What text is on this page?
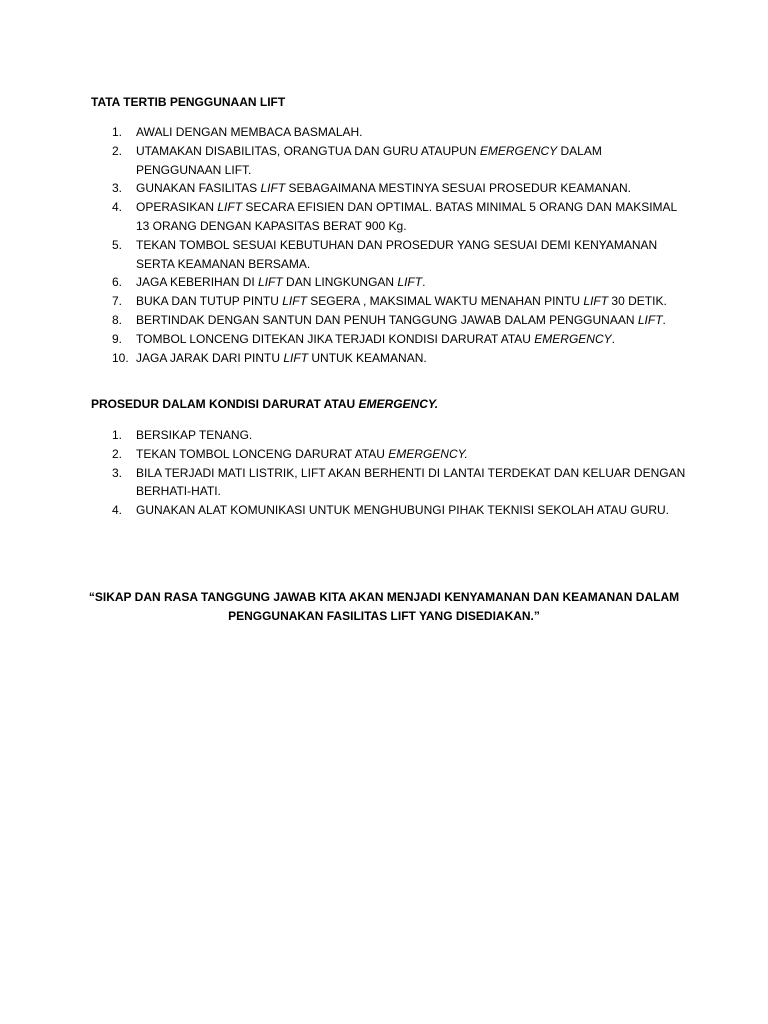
TATA TERTIB PENGGUNAAN LIFT
1. AWALI DENGAN MEMBACA BASMALAH.
2. UTAMAKAN DISABILITAS, ORANGTUA DAN GURU ATAUPUN EMERGENCY DALAM PENGGUNAAN LIFT.
3. GUNAKAN FASILITAS LIFT SEBAGAIMANA MESTINYA SESUAI PROSEDUR KEAMANAN.
4. OPERASIKAN LIFT SECARA EFISIEN DAN OPTIMAL. BATAS MINIMAL 5 ORANG DAN MAKSIMAL 13 ORANG DENGAN KAPASITAS BERAT 900 Kg.
5. TEKAN TOMBOL SESUAI KEBUTUHAN DAN PROSEDUR YANG SESUAI DEMI KENYAMANAN SERTA KEAMANAN BERSAMA.
6. JAGA KEBERIHAN DI LIFT DAN LINGKUNGAN LIFT.
7. BUKA DAN TUTUP PINTU LIFT SEGERA , MAKSIMAL WAKTU MENAHAN PINTU LIFT 30 DETIK.
8. BERTINDAK DENGAN SANTUN DAN PENUH TANGGUNG JAWAB DALAM PENGGUNAAN LIFT.
9. TOMBOL LONCENG DITEKAN JIKA TERJADI KONDISI DARURAT ATAU EMERGENCY.
10. JAGA JARAK DARI PINTU LIFT UNTUK KEAMANAN.
PROSEDUR DALAM KONDISI DARURAT ATAU EMERGENCY.
1. BERSIKAP TENANG.
2. TEKAN TOMBOL LONCENG DARURAT ATAU EMERGENCY.
3. BILA TERJADI MATI LISTRIK, LIFT AKAN BERHENTI DI LANTAI TERDEKAT DAN KELUAR DENGAN BERHATI-HATI.
4. GUNAKAN ALAT KOMUNIKASI UNTUK MENGHUBUNGI PIHAK TEKNISI SEKOLAH ATAU GURU.
“SIKAP DAN RASA TANGGUNG JAWAB KITA AKAN MENJADI KENYAMANAN DAN KEAMANAN DALAM PENGGUNAKAN FASILITAS LIFT YANG DISEDIAKAN.”
